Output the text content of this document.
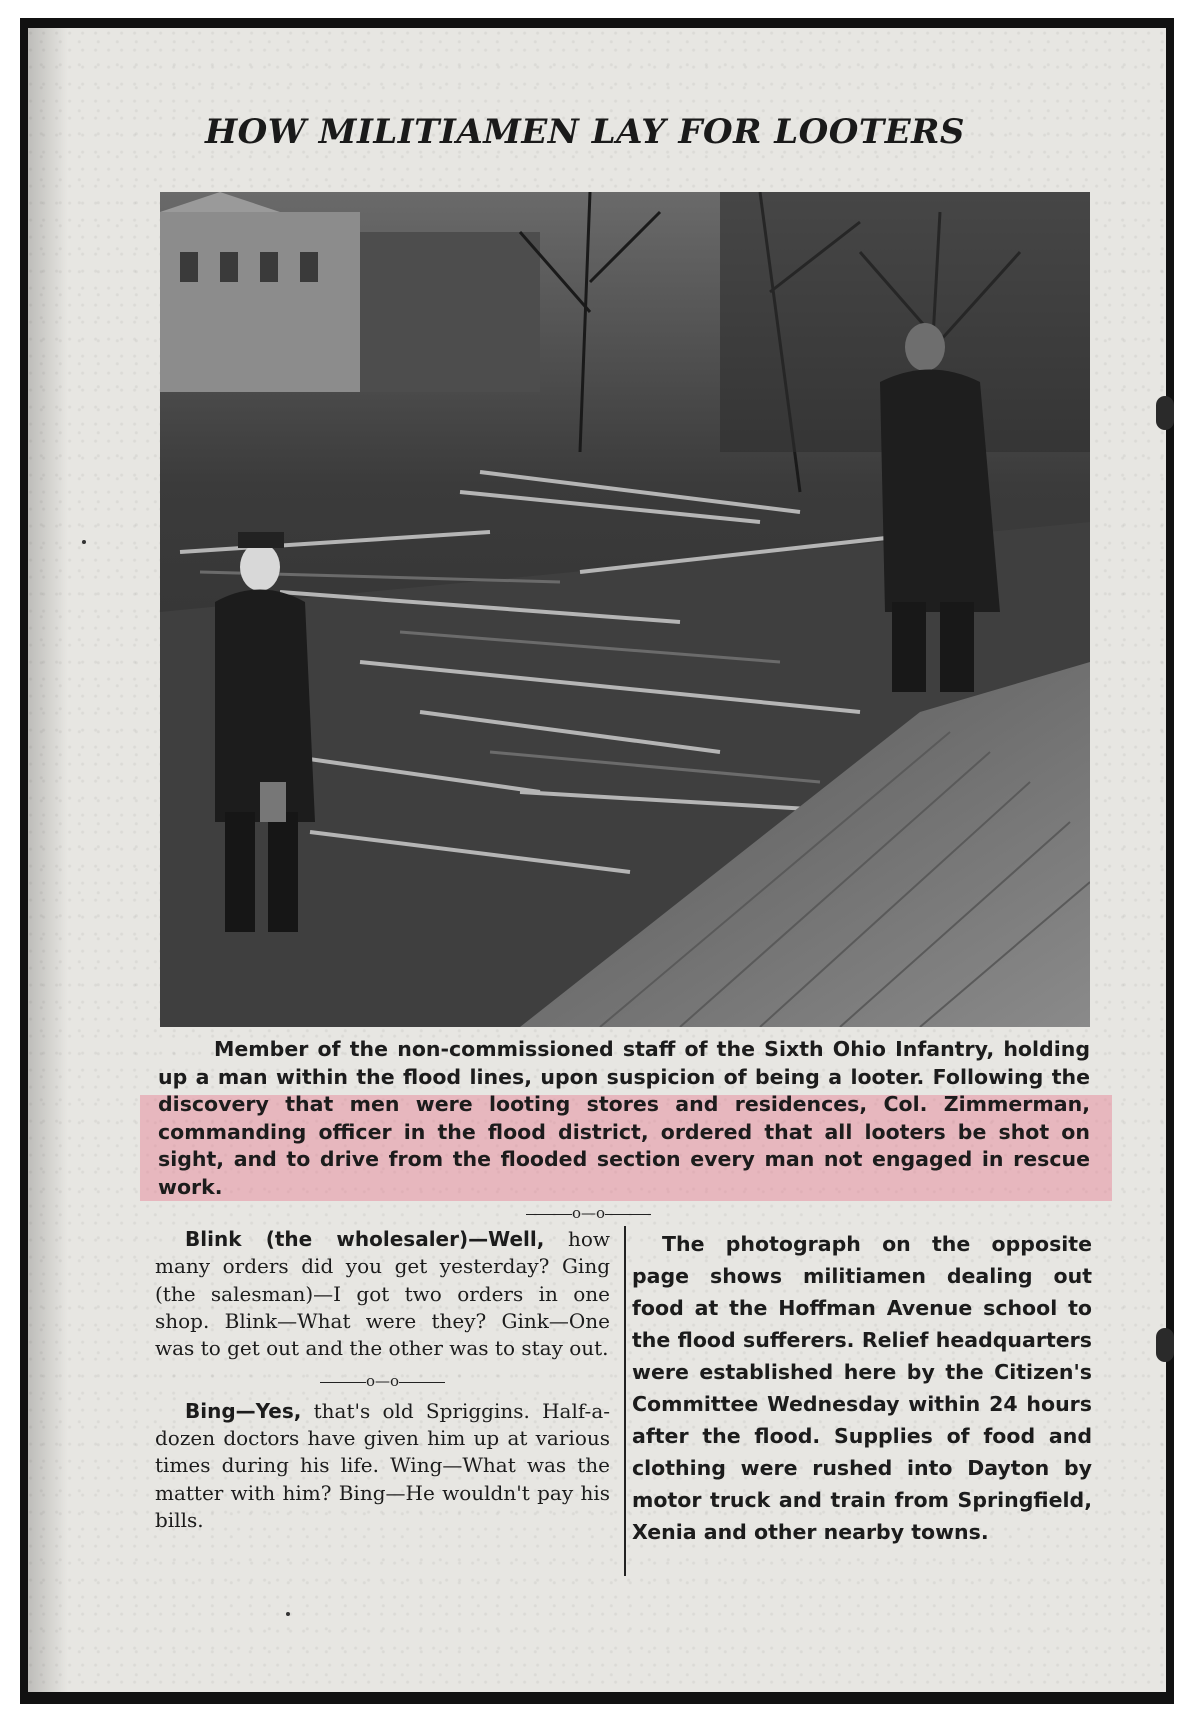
HOW MILITIAMEN LAY FOR LOOTERS

Member of the non-commissioned staff of the Sixth Ohio Infantry, holding up a man within the flood lines, upon suspicion of being a looter. Following the discovery that men were looting stores and residences, Col. Zimmerman, commanding officer in the flood district, ordered that all looters be shot on sight, and to drive from the flooded section every man not engaged in rescue work.

o—o

Blink (the wholesaler)—Well, how many orders did you get yesterday? Ging (the salesman)—I got two orders in one shop. Blink—What were they? Gink—One was to get out and the other was to stay out.

o—o

Bing—Yes, that's old Spriggins. Half-a-dozen doctors have given him up at various times during his life. Wing—What was the matter with him? Bing—He wouldn't pay his bills.

The photograph on the opposite page shows militiamen dealing out food at the Hoffman Avenue school to the flood sufferers. Relief headquarters were established here by the Citizen's Committee Wednesday within 24 hours after the flood. Supplies of food and clothing were rushed into Dayton by motor truck and train from Springfield, Xenia and other nearby towns.
